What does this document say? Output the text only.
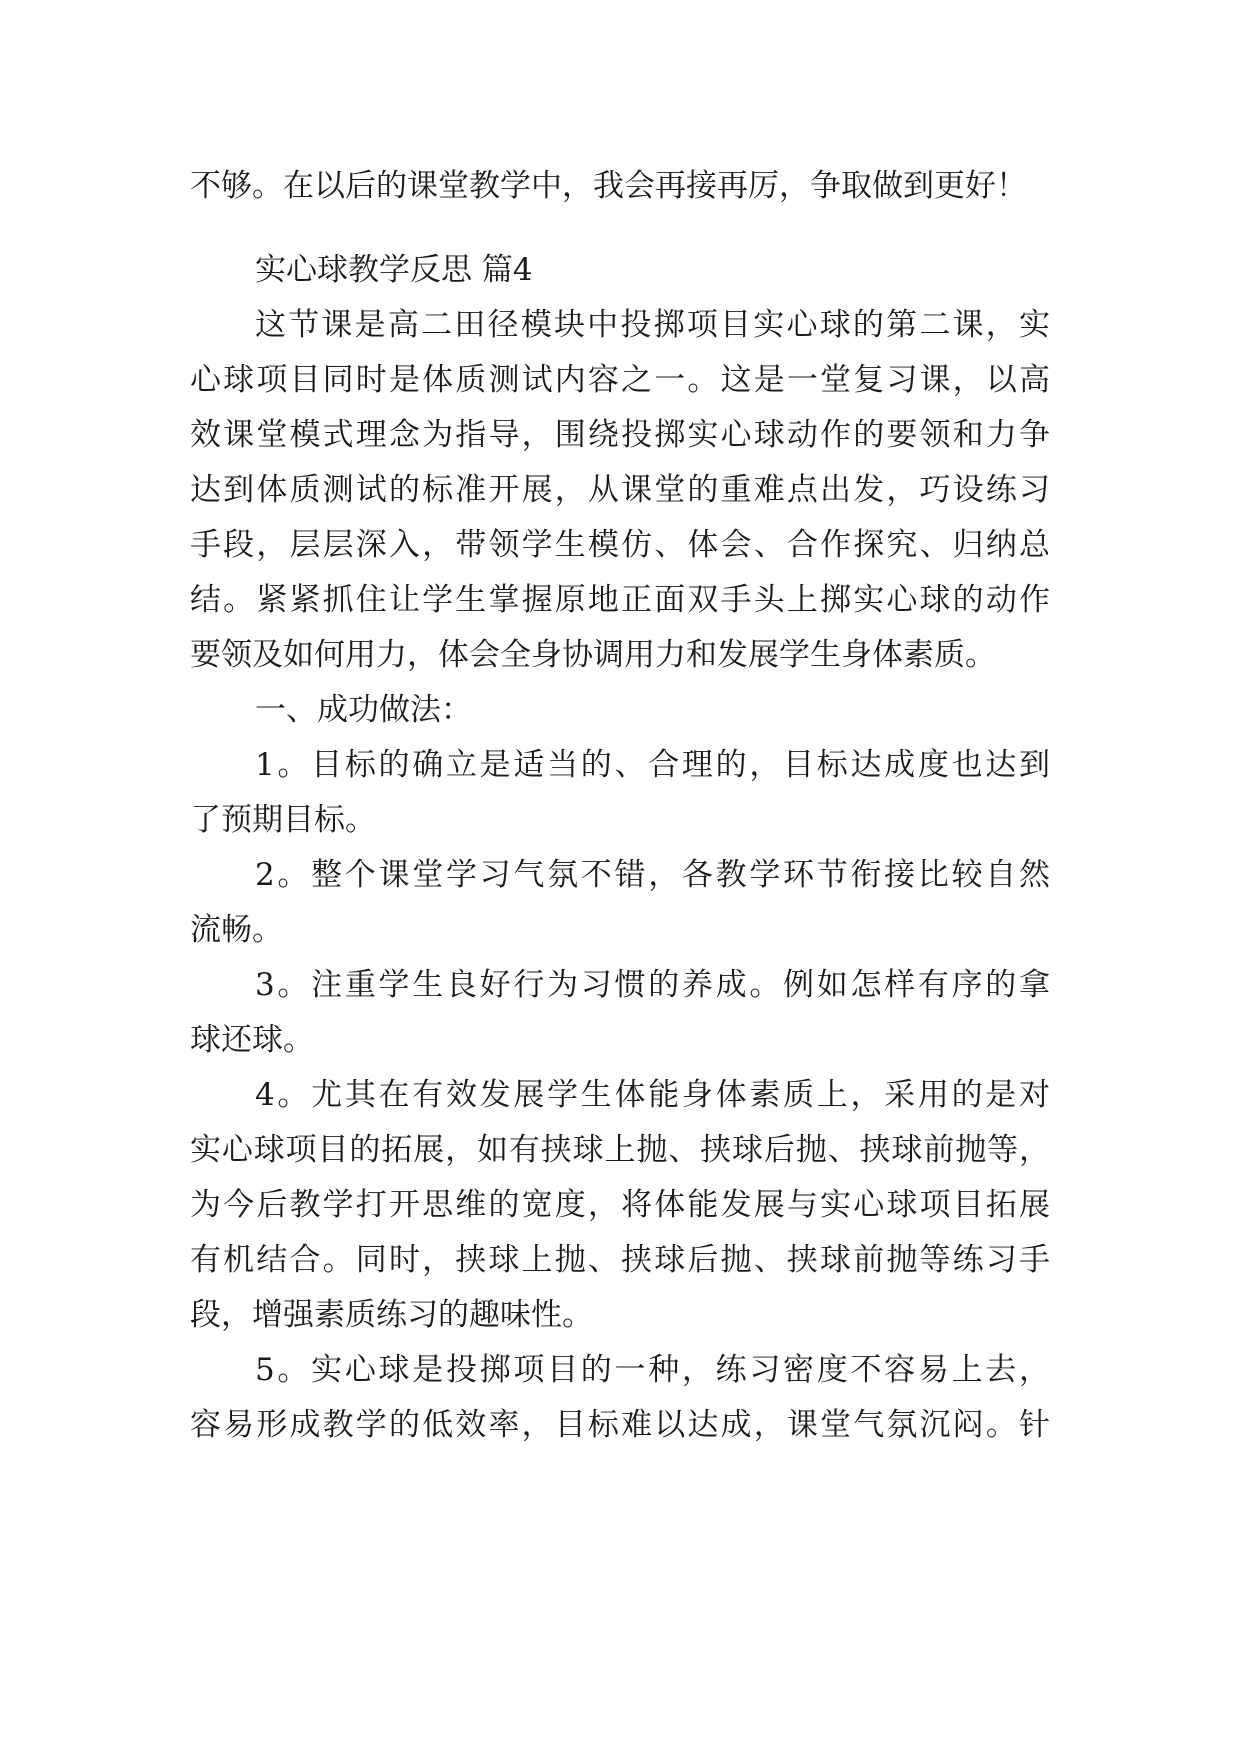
不够。在以后的课堂教学中，我会再接再厉，争取做到更好！
实心球教学反思 篇4
这节课是高二田径模块中投掷项目实心球的第二课，实
心球项目同时是体质测试内容之一。这是一堂复习课，以高
效课堂模式理念为指导，围绕投掷实心球动作的要领和力争
达到体质测试的标准开展，从课堂的重难点出发，巧设练习
手段，层层深入，带领学生模仿、体会、合作探究、归纳总
结。紧紧抓住让学生掌握原地正面双手头上掷实心球的动作
要领及如何用力，体会全身协调用力和发展学生身体素质。
一、成功做法：
1。目标的确立是适当的、合理的，目标达成度也达到
了预期目标。
2。整个课堂学习气氛不错，各教学环节衔接比较自然
流畅。
3。注重学生良好行为习惯的养成。例如怎样有序的拿
球还球。
4。尤其在有效发展学生体能身体素质上，采用的是对
实心球项目的拓展，如有挟球上抛、挟球后抛、挟球前抛等，
为今后教学打开思维的宽度，将体能发展与实心球项目拓展
有机结合。同时，挟球上抛、挟球后抛、挟球前抛等练习手
段，增强素质练习的趣味性。
5。实心球是投掷项目的一种，练习密度不容易上去，
容易形成教学的低效率，目标难以达成，课堂气氛沉闷。针
